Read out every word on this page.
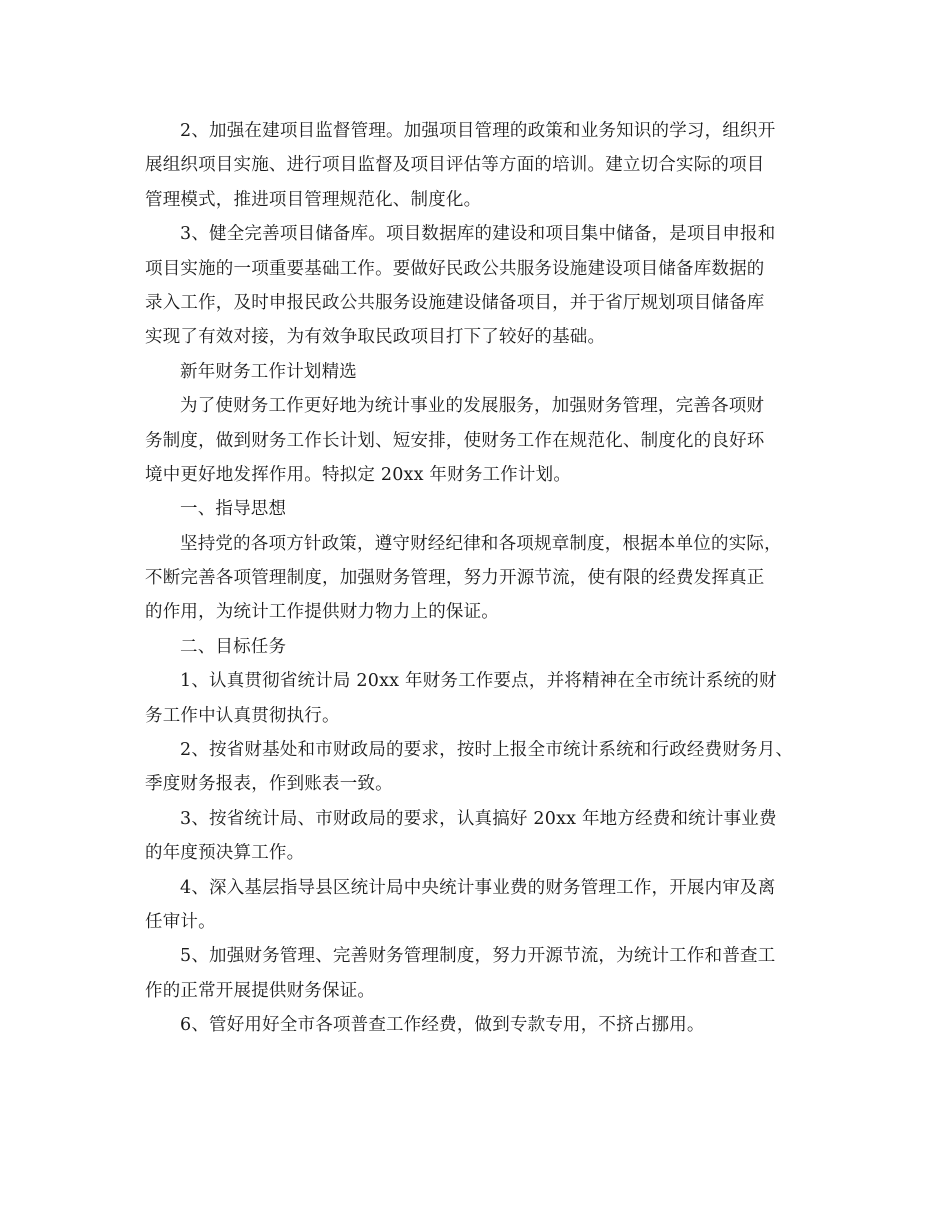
2、加强在建项目监督管理。加强项目管理的政策和业务知识的学习，组织开
展组织项目实施、进行项目监督及项目评估等方面的培训。建立切合实际的项目
管理模式，推进项目管理规范化、制度化。
3、健全完善项目储备库。项目数据库的建设和项目集中储备，是项目申报和
项目实施的一项重要基础工作。要做好民政公共服务设施建设项目储备库数据的
录入工作，及时申报民政公共服务设施建设储备项目，并于省厅规划项目储备库
实现了有效对接，为有效争取民政项目打下了较好的基础。
新年财务工作计划精选
为了使财务工作更好地为统计事业的发展服务，加强财务管理，完善各项财
务制度，做到财务工作长计划、短安排，使财务工作在规范化、制度化的良好环
境中更好地发挥作用。特拟定 20xx 年财务工作计划。
一、指导思想
坚持党的各项方针政策，遵守财经纪律和各项规章制度，根据本单位的实际，
不断完善各项管理制度，加强财务管理，努力开源节流，使有限的经费发挥真正
的作用，为统计工作提供财力物力上的保证。
二、目标任务
1、认真贯彻省统计局 20xx 年财务工作要点，并将精神在全市统计系统的财
务工作中认真贯彻执行。
2、按省财基处和市财政局的要求，按时上报全市统计系统和行政经费财务月、
季度财务报表，作到账表一致。
3、按省统计局、市财政局的要求，认真搞好 20xx 年地方经费和统计事业费
的年度预决算工作。
4、深入基层指导县区统计局中央统计事业费的财务管理工作，开展内审及离
任审计。
5、加强财务管理、完善财务管理制度，努力开源节流，为统计工作和普查工
作的正常开展提供财务保证。
6、管好用好全市各项普查工作经费，做到专款专用，不挤占挪用。
